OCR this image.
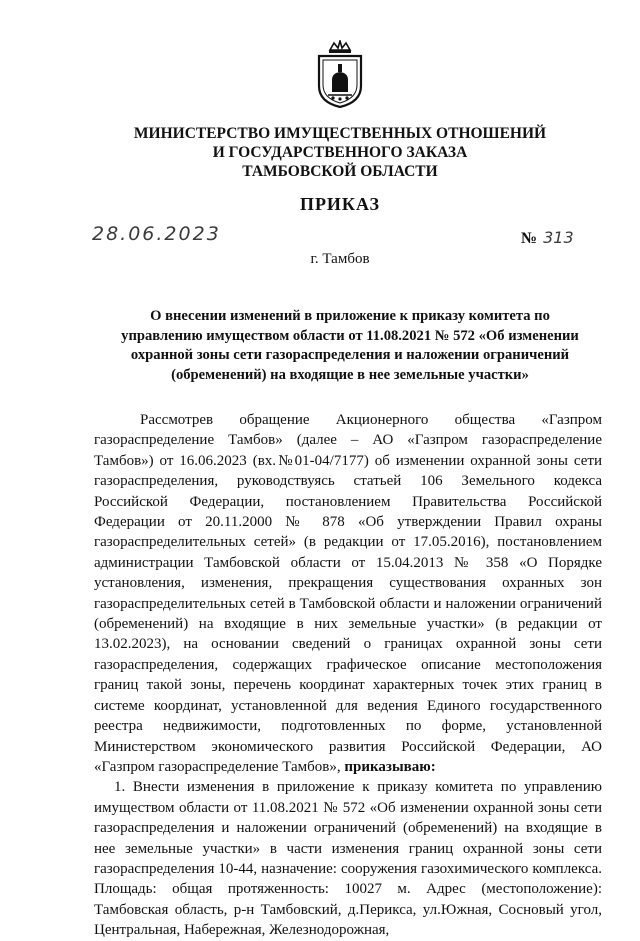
МИНИСТЕРСТВО ИМУЩЕСТВЕННЫХ ОТНОШЕНИЙ
И ГОСУДАРСТВЕННОГО ЗАКАЗА
ТАМБОВСКОЙ ОБЛАСТИ
ПРИКАЗ
28.06.2023	№ 313
г. Тамбов
О внесении изменений в приложение к приказу комитета по
управлению имуществом области от 11.08.2021 № 572 «Об изменении
охранной зоны сети газораспределения и наложении ограничений
(обременений) на входящие в нее земельные участки»

Рассмотрев обращение Акционерного общества «Газпром газораспределение Тамбов» (далее – АО «Газпром газораспределение Тамбов») от 16.06.2023 (вх.№01-04/7177) об изменении охранной зоны сети газораспределения, руководствуясь статьей 106 Земельного кодекса Российской Федерации, постановлением Правительства Российской Федерации от 20.11.2000 № 878 «Об утверждении Правил охраны газораспределительных сетей» (в редакции от 17.05.2016), постановлением администрации Тамбовской области от 15.04.2013 № 358 «О Порядке установления, изменения, прекращения существования охранных зон газораспределительных сетей в Тамбовской области и наложении ограничений (обременений) на входящие в них земельные участки» (в редакции от 13.02.2023), на основании сведений о границах охранной зоны сети газораспределения, содержащих графическое описание местоположения границ такой зоны, перечень координат характерных точек этих границ в системе координат, установленной для ведения Единого государственного реестра недвижимости, подготовленных по форме, установленной Министерством экономического развития Российской Федерации, АО «Газпром газораспределение Тамбов», приказываю:

1. Внести изменения в приложение к приказу комитета по управлению имуществом области от 11.08.2021 № 572 «Об изменении охранной зоны сети газораспределения и наложении ограничений (обременений) на входящие в нее земельные участки» в части изменения границ охранной зоны сети газораспределения 10-44, назначение: сооружения газохимического комплекса. Площадь: общая протяженность: 10027 м. Адрес (местоположение): Тамбовская область, р-н Тамбовский, д.Перикса, ул.Южная, Сосновый угол, Центральная, Набережная, Железнодорожная,
